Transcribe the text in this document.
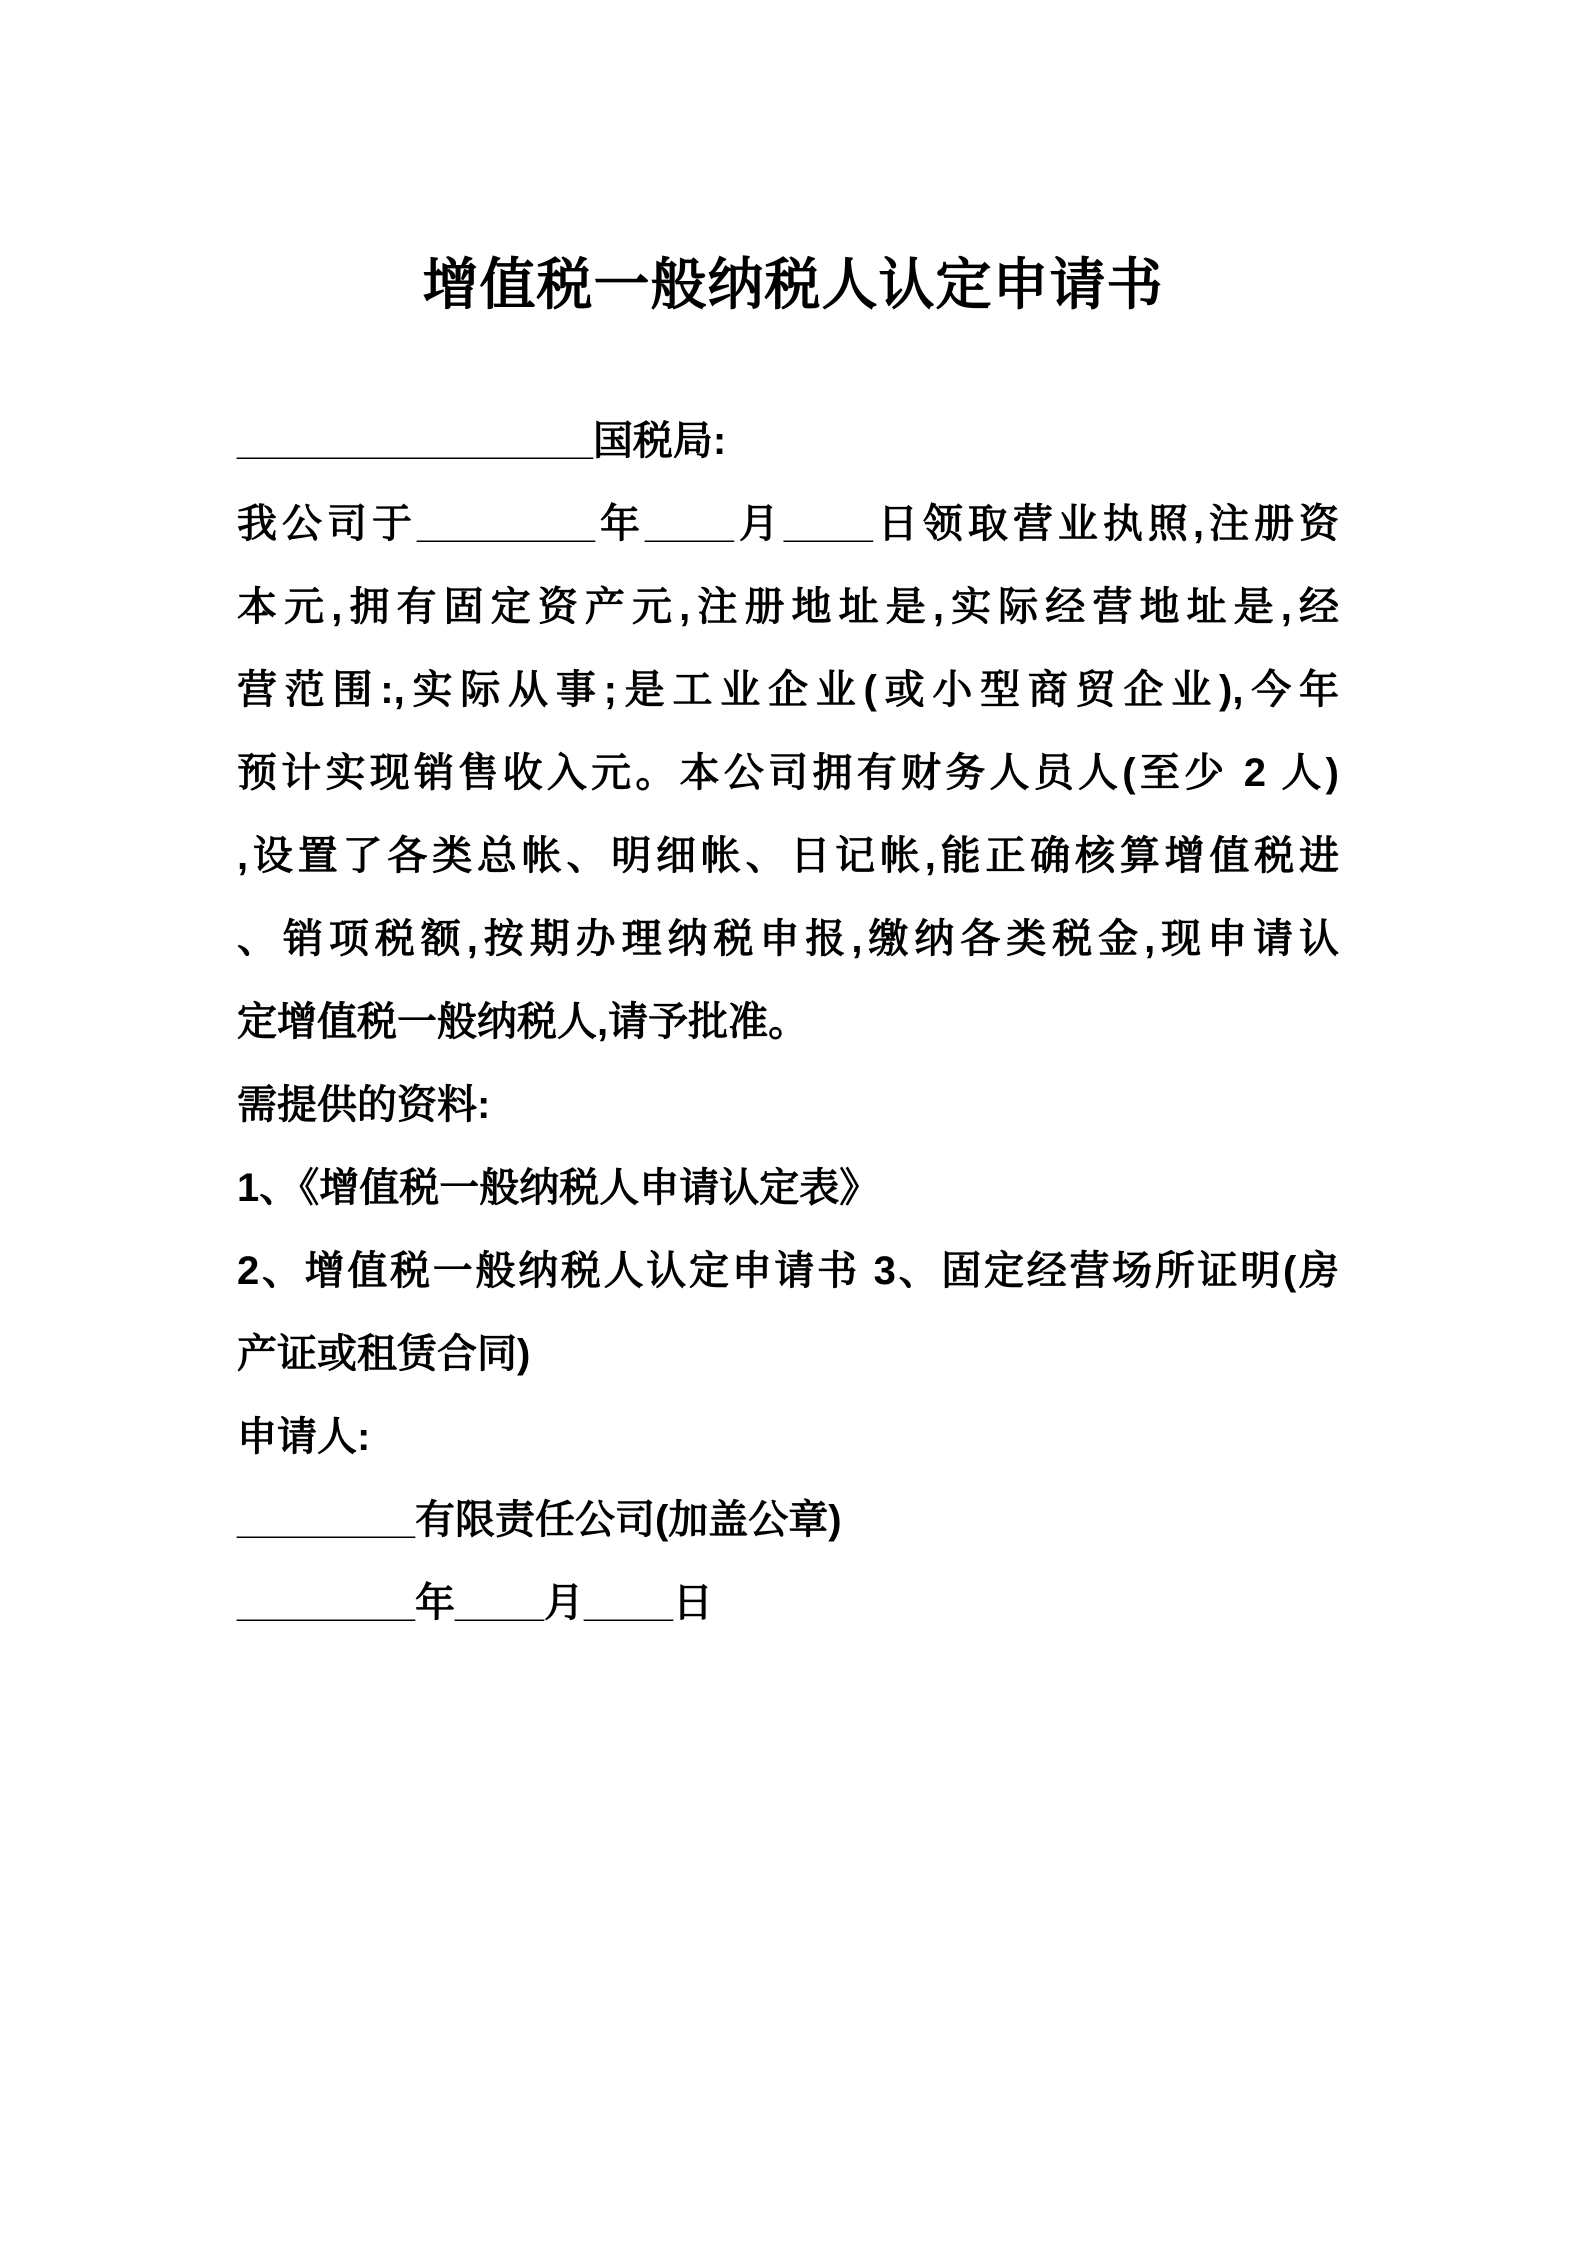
增值税一般纳税人认定申请书
________________国税局:
我公司于________年____月____日领取营业执照,注册资
本元,拥有固定资产元,注册地址是,实际经营地址是,经
营范围:,实际从事;是工业企业(或小型商贸企业),今年
预计实现销售收入元。本公司拥有财务人员人(至少 2 人)
,设置了各类总帐、明细帐、日记帐,能正确核算增值税进
、销项税额,按期办理纳税申报,缴纳各类税金,现申请认
定增值税一般纳税人,请予批准。
需提供的资料:
1、《增值税一般纳税人申请认定表》
2、增值税一般纳税人认定申请书 3、固定经营场所证明(房
产证或租赁合同)
申请人:
________有限责任公司(加盖公章)
________年____月____日
